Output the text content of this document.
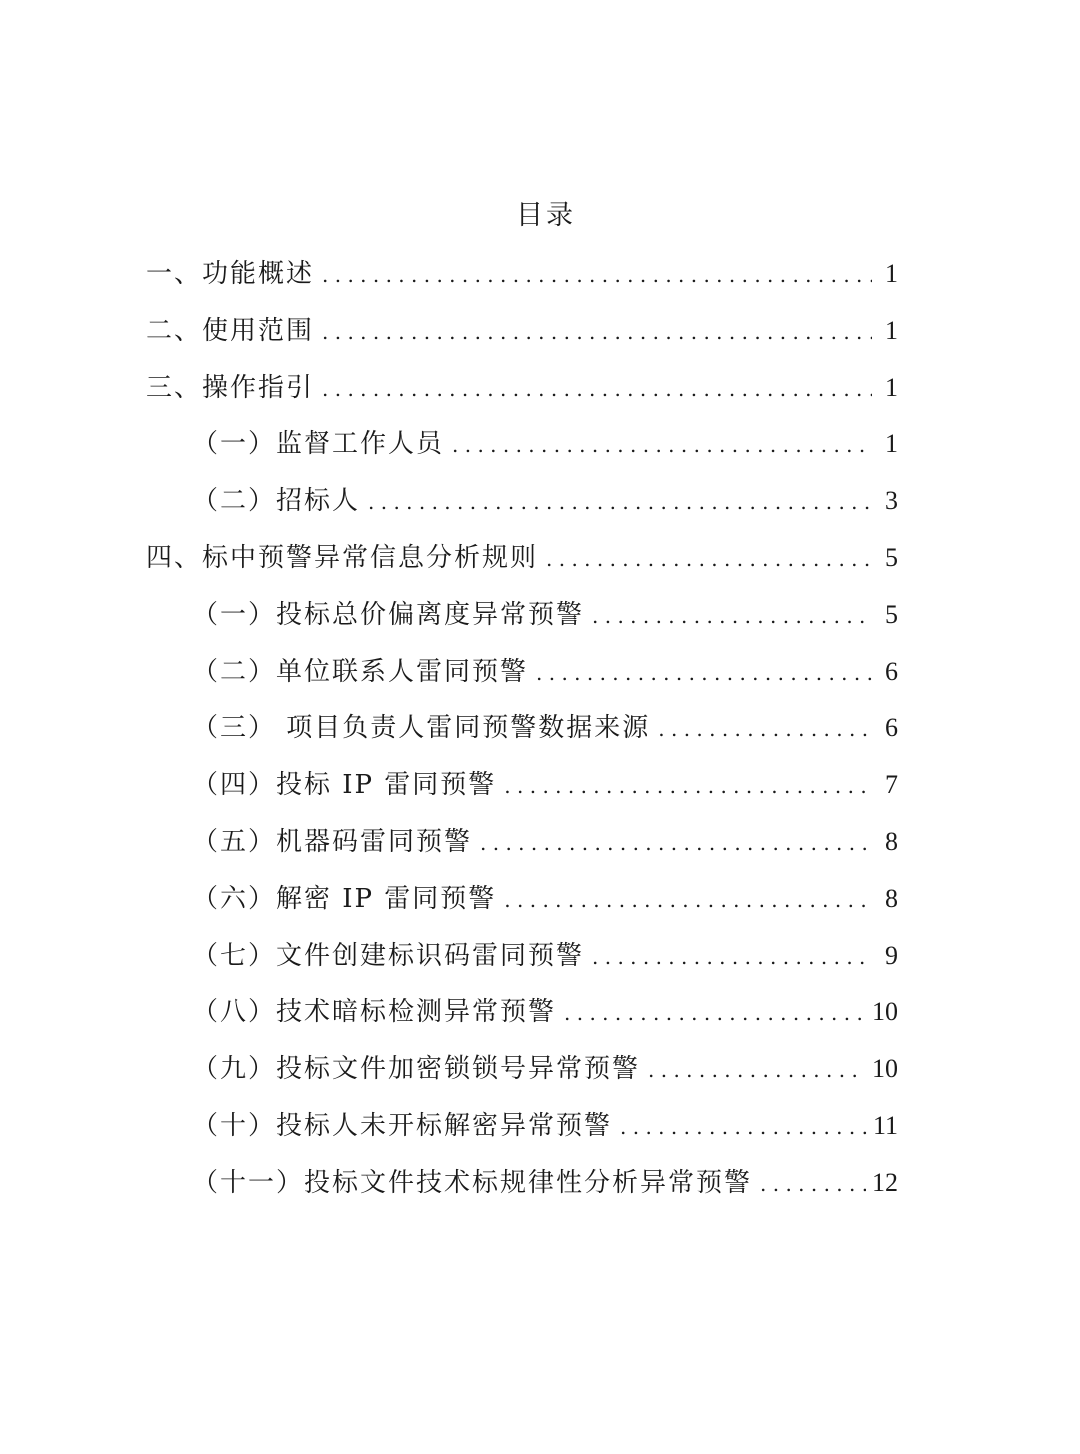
目录
一、功能概述 . . .	1
二、使用范围 . . .	1
三、操作指引 . . .	1
（一）监督工作人员 . . .	1
（二）招标人 . . .	3
四、标中预警异常信息分析规则 . . .	5
（一）投标总价偏离度异常预警 . . .	5
（二）单位联系人雷同预警 . . .	6
（三） 项目负责人雷同预警数据来源 . . .	6
（四）投标 IP 雷同预警 . . .	7
（五）机器码雷同预警 . . .	8
（六）解密 IP 雷同预警 . . .	8
（七）文件创建标识码雷同预警 . . .	9
（八）技术暗标检测异常预警 . . .	10
（九）投标文件加密锁锁号异常预警 . . .	10
（十）投标人未开标解密异常预警 . . .	11
（十一）投标文件技术标规律性分析异常预警 . . .	12
